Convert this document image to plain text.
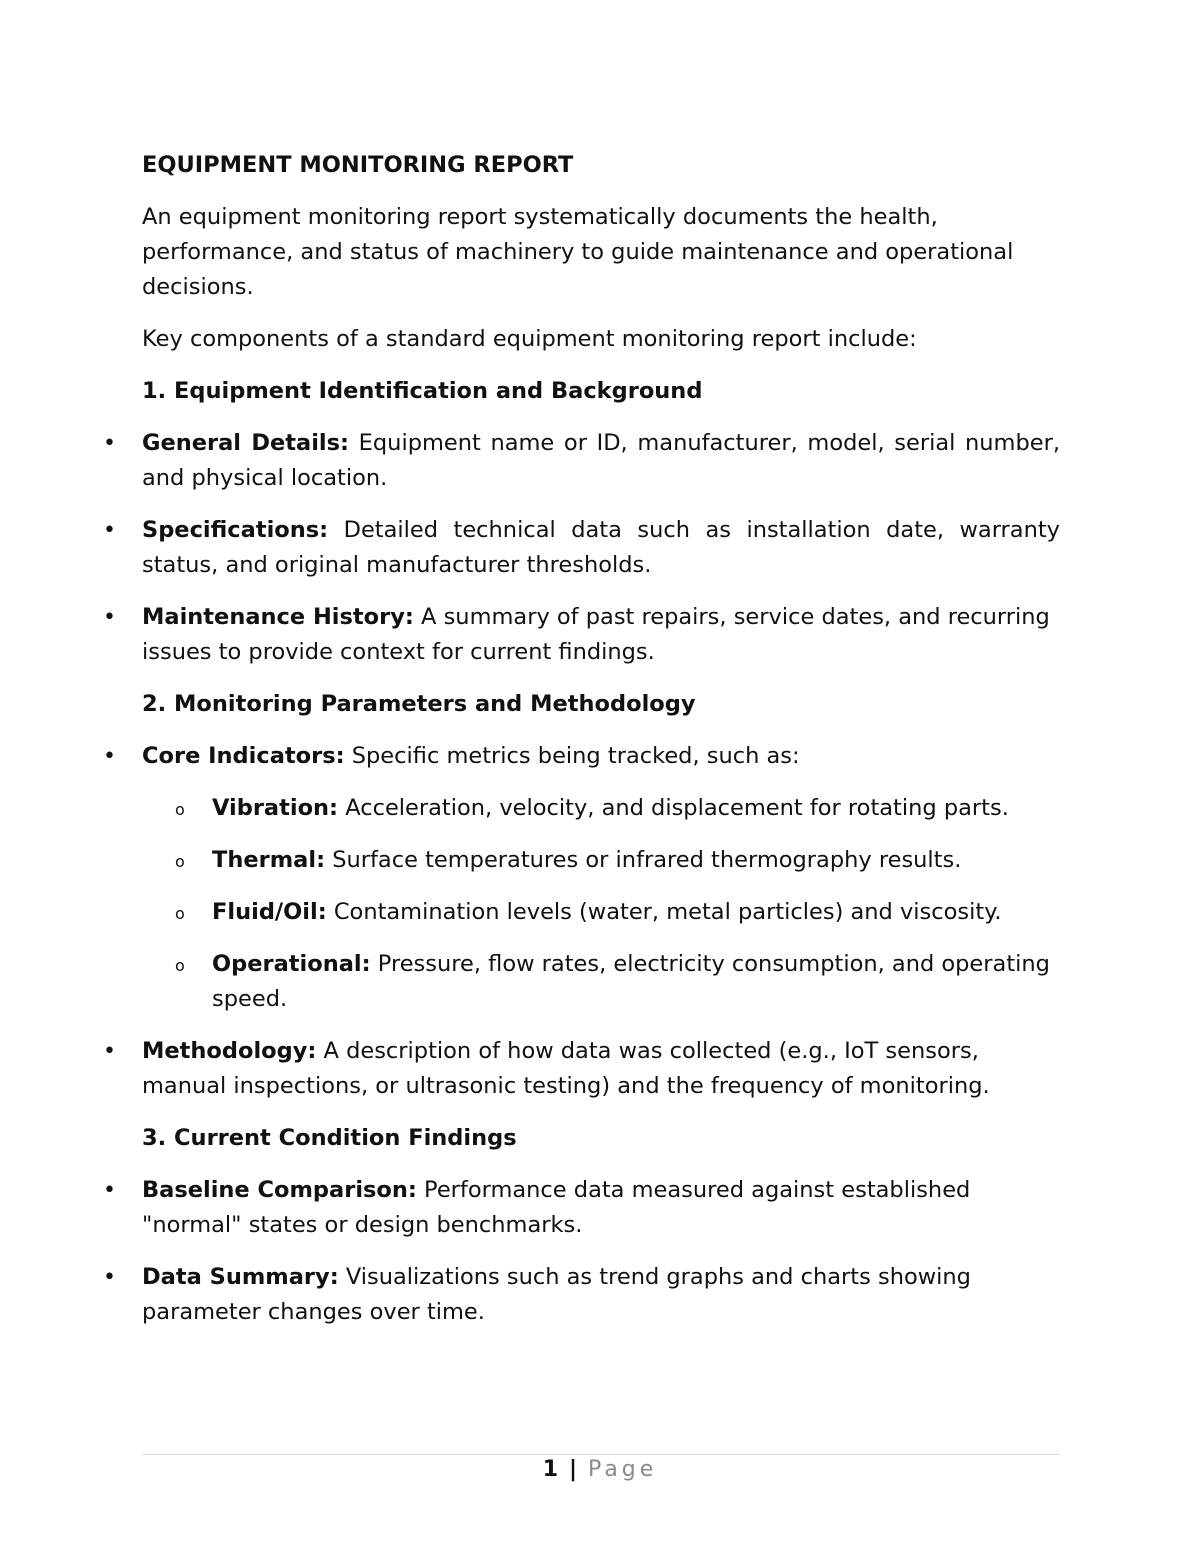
EQUIPMENT MONITORING REPORT

An equipment monitoring report systematically documents the health, performance, and status of machinery to guide maintenance and operational decisions.

Key components of a standard equipment monitoring report include:

1. Equipment Identification and Background

• General Details: Equipment name or ID, manufacturer, model, serial number, and physical location.
• Specifications: Detailed technical data such as installation date, warranty status, and original manufacturer thresholds.
• Maintenance History: A summary of past repairs, service dates, and recurring issues to provide context for current findings.

2. Monitoring Parameters and Methodology

• Core Indicators: Specific metrics being tracked, such as:
o Vibration: Acceleration, velocity, and displacement for rotating parts.
o Thermal: Surface temperatures or infrared thermography results.
o Fluid/Oil: Contamination levels (water, metal particles) and viscosity.
o Operational: Pressure, flow rates, electricity consumption, and operating speed.
• Methodology: A description of how data was collected (e.g., IoT sensors, manual inspections, or ultrasonic testing) and the frequency of monitoring.

3. Current Condition Findings

• Baseline Comparison: Performance data measured against established "normal" states or design benchmarks.
• Data Summary: Visualizations such as trend graphs and charts showing parameter changes over time.
1 | Page
